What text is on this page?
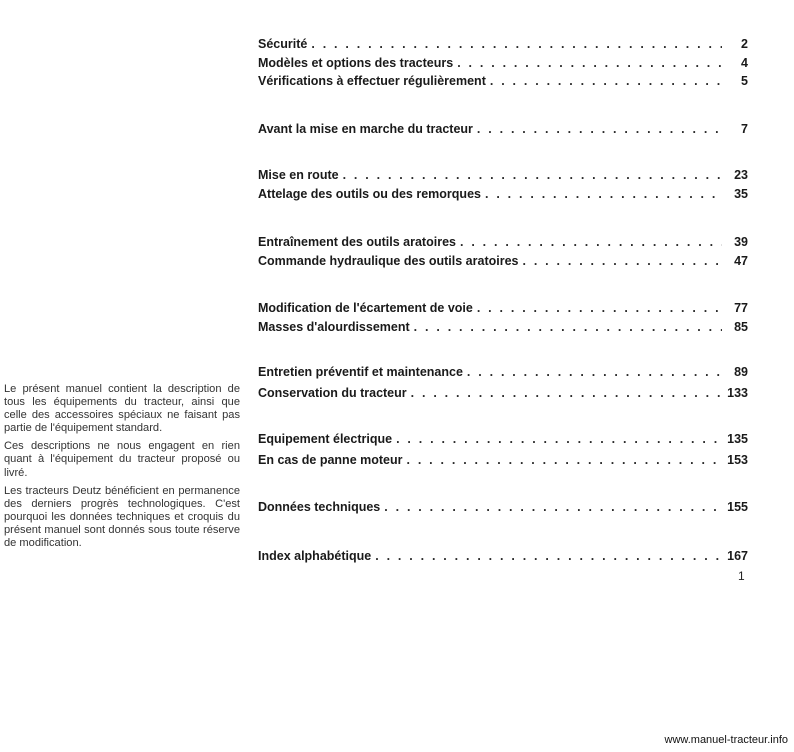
Sécurité . . .	2
Modèles et options des tracteurs . . .	4
Vérifications à effectuer régulièrement . . .	5
Avant la mise en marche du tracteur . . .	7
Mise en route . . .	23
Attelage des outils ou des remorques . . .	35
Entraînement des outils aratoires . . .	39
Commande hydraulique des outils aratoires . . .	47
Modification de l'écartement de voie . . .	77
Masses d'alourdissement . . .	85
Entretien préventif et maintenance . . .	89
Conservation du tracteur . . .	133
Equipement électrique . . .	135
En cas de panne moteur . . .	153
Données techniques . . .	155
Index alphabétique . . .	167

Le présent manuel contient la description de tous les équipements du tracteur, ainsi que celle des accessoires spéciaux ne faisant pas partie de l'équipement standard.

Ces descriptions ne nous engagent en rien quant à l'équipement du tracteur proposé ou livré.

Les tracteurs Deutz bénéficient en permanence des derniers progrès technologiques. C'est pourquoi les données techniques et croquis du présent manuel sont donnés sous toute réserve de modification.

1
www.manuel-tracteur.info
